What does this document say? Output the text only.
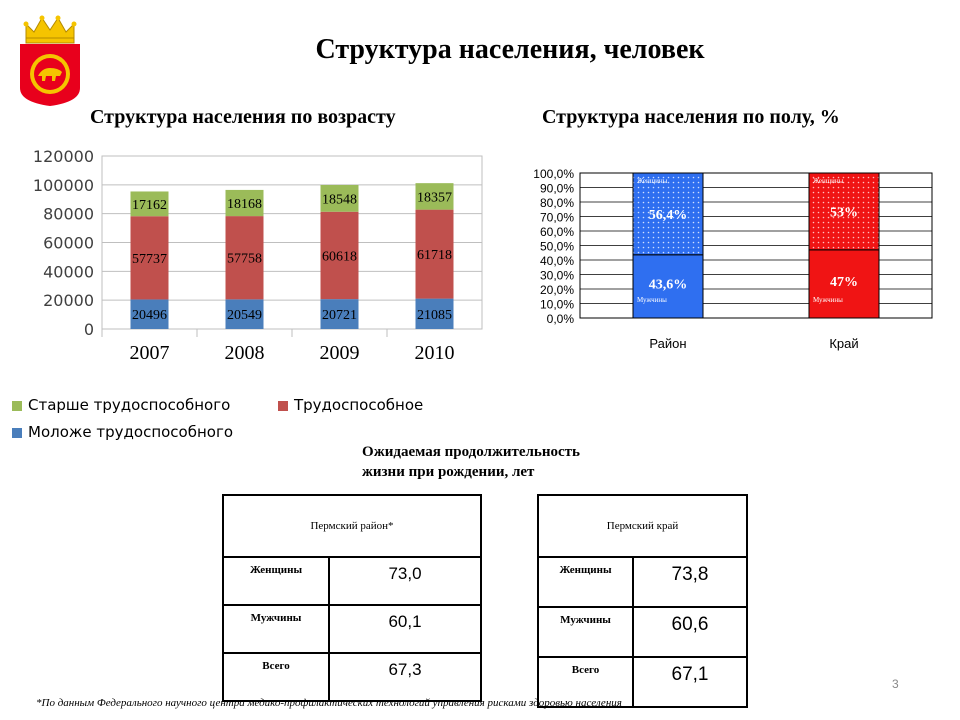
Структура населения, человек
Структура населения по возрасту	Структура населения по полу, %
0
20000
40000
60000
80000
100000
120000
20496
57737
17162
2007
20549
57758
18168
2008
20721
60618
18548
2009
21085
61718
18357
2010
0,0%
10,0%
20,0%
30,0%
40,0%
50,0%
60,0%
70,0%
80,0%
90,0%
100,0%
43,6%
Мужчины
56,4%
Женщины
Район
47%
Мужчины
53%
Женщины
Край
Старше трудоспособного	Трудоспособное
Моложе трудоспособного
Ожидаемая продолжительность
жизни при рождении, лет
Пермский район*	
Женщины	73,0
Мужчины	60,1
Всего	67,3
Пермский край	
Женщины	73,8
Мужчины	60,6
Всего	67,1	3
*По данным Федерального научного центра медико-профилактических технологий управления рисками здоровью населения
